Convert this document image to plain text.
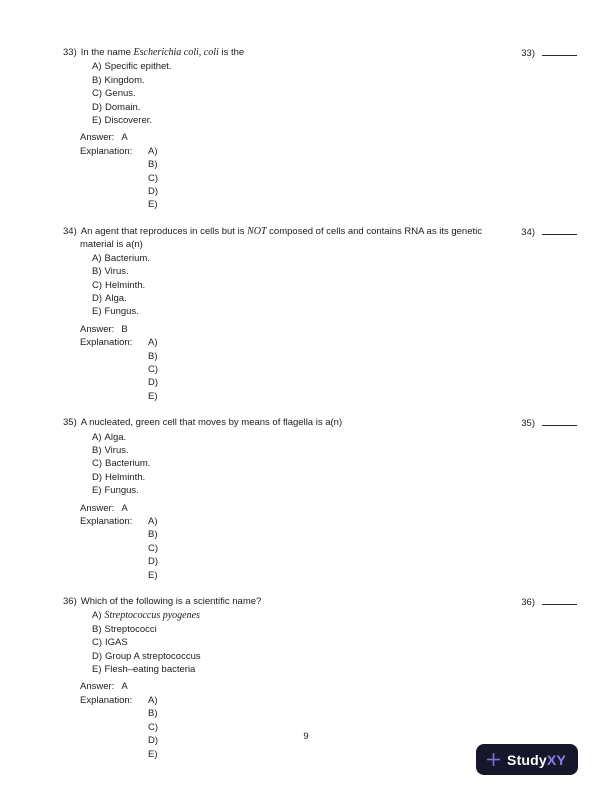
33) In the name Escherichia coli, coli is the	33)

A) Specific epithet.

B) Kingdom.

C) Genus.

D) Domain.

E) Discoverer.

Answer: A

Explanation:	A)

B)

C)

D)

E)

34) An agent that reproduces in cells but is NOT composed of cells and contains RNA as its genetic material is a(n)

34)

A) Bacterium.

B) Virus.

C) Helminth.

D) Alga.

E) Fungus.

Answer: B

Explanation:	A)

B)

C)

D)

E)

35) A nucleated, green cell that moves by means of flagella is a(n)	35)

A) Alga.

B) Virus.

C) Bacterium.

D) Helminth.

E) Fungus.

Answer: A

Explanation:	A)

B)

C)

D)

E)

36) Which of the following is a scientific name?	36)

A) Streptococcus pyogenes

B) Streptococci

C) IGAS

D) Group A streptococcus

E) Flesh–eating bacteria

Answer: A

Explanation:	A)

B)

C)

D)

E)

9

StudyXY
